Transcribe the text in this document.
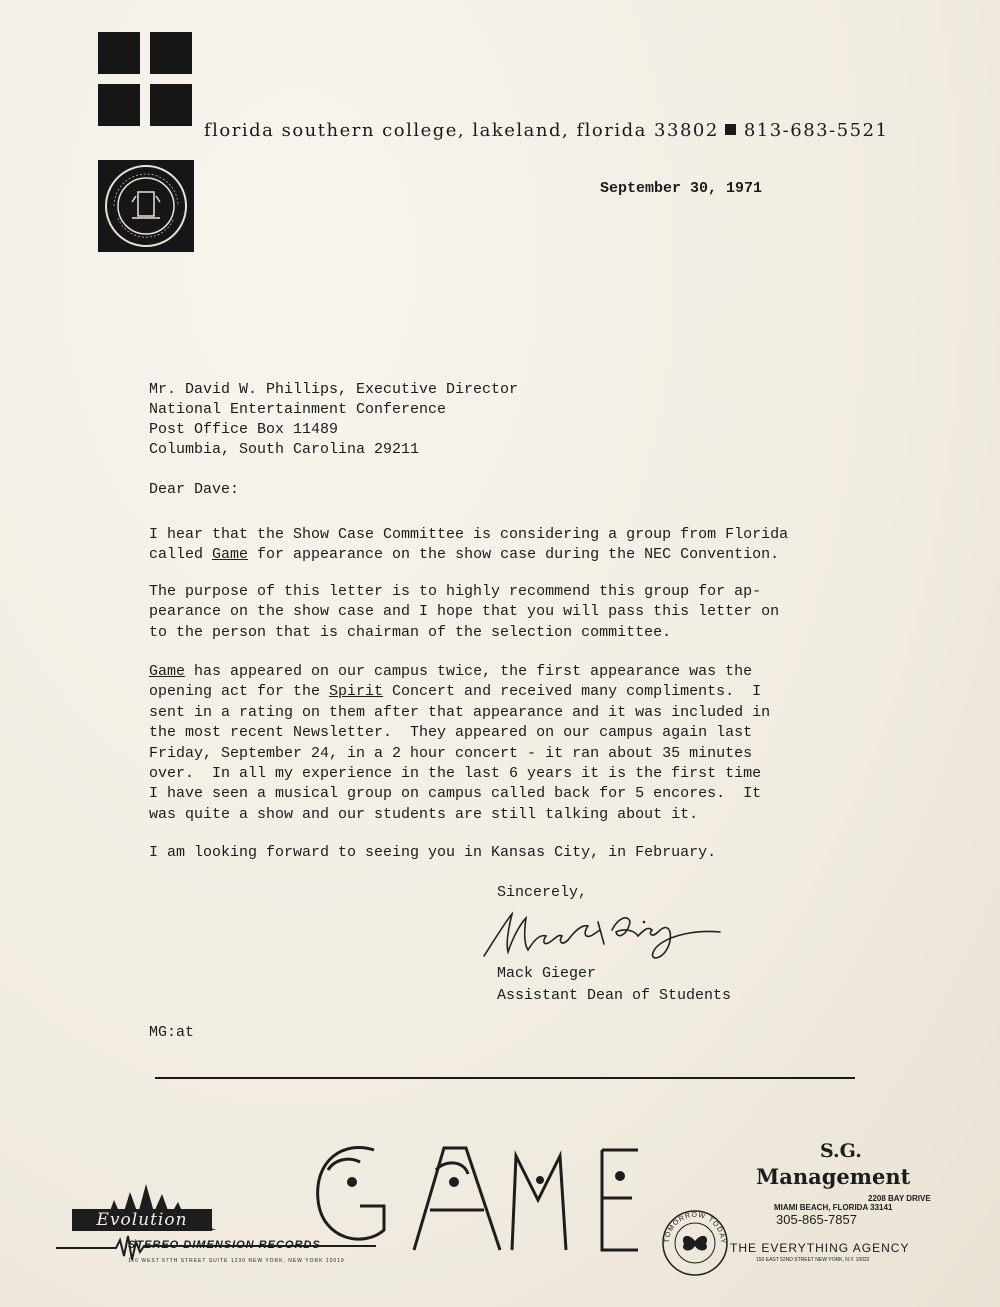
florida southern college, lakeland, florida 33802 813-683-5521
September 30, 1971
Mr. David W. Phillips, Executive Director
National Entertainment Conference
Post Office Box 11489
Columbia, South Carolina 29211
Dear Dave:
I hear that the Show Case Committee is considering a group from Florida
called Game for appearance on the show case during the NEC Convention.
The purpose of this letter is to highly recommend this group for ap-
pearance on the show case and I hope that you will pass this letter on
to the person that is chairman of the selection committee.
Game has appeared on our campus twice, the first appearance was the
opening act for the Spirit Concert and received many compliments.  I
sent in a rating on them after that appearance and it was included in
the most recent Newsletter.  They appeared on our campus again last
Friday, September 24, in a 2 hour concert - it ran about 35 minutes
over.  In all my experience in the last 6 years it is the first time
I have seen a musical group on campus called back for 5 encores.  It
was quite a show and our students are still talking about it.
I am looking forward to seeing you in Kansas City, in February.
Sincerely,
Mack Gieger
Assistant Dean of Students
MG:at
Evolution
STEREO DIMENSION RECORDS
110 WEST 57TH STREET SUITE 1230 NEW YORK, NEW YORK 10019
S.G.
Management
2208 BAY DRIVE
MIAMI BEACH, FLORIDA 33141
305-865-7857
TOMORROW TODAY THE EVERYTHING AGENCY
150 EAST 52ND STREET NEW YORK, N.Y. 10022
